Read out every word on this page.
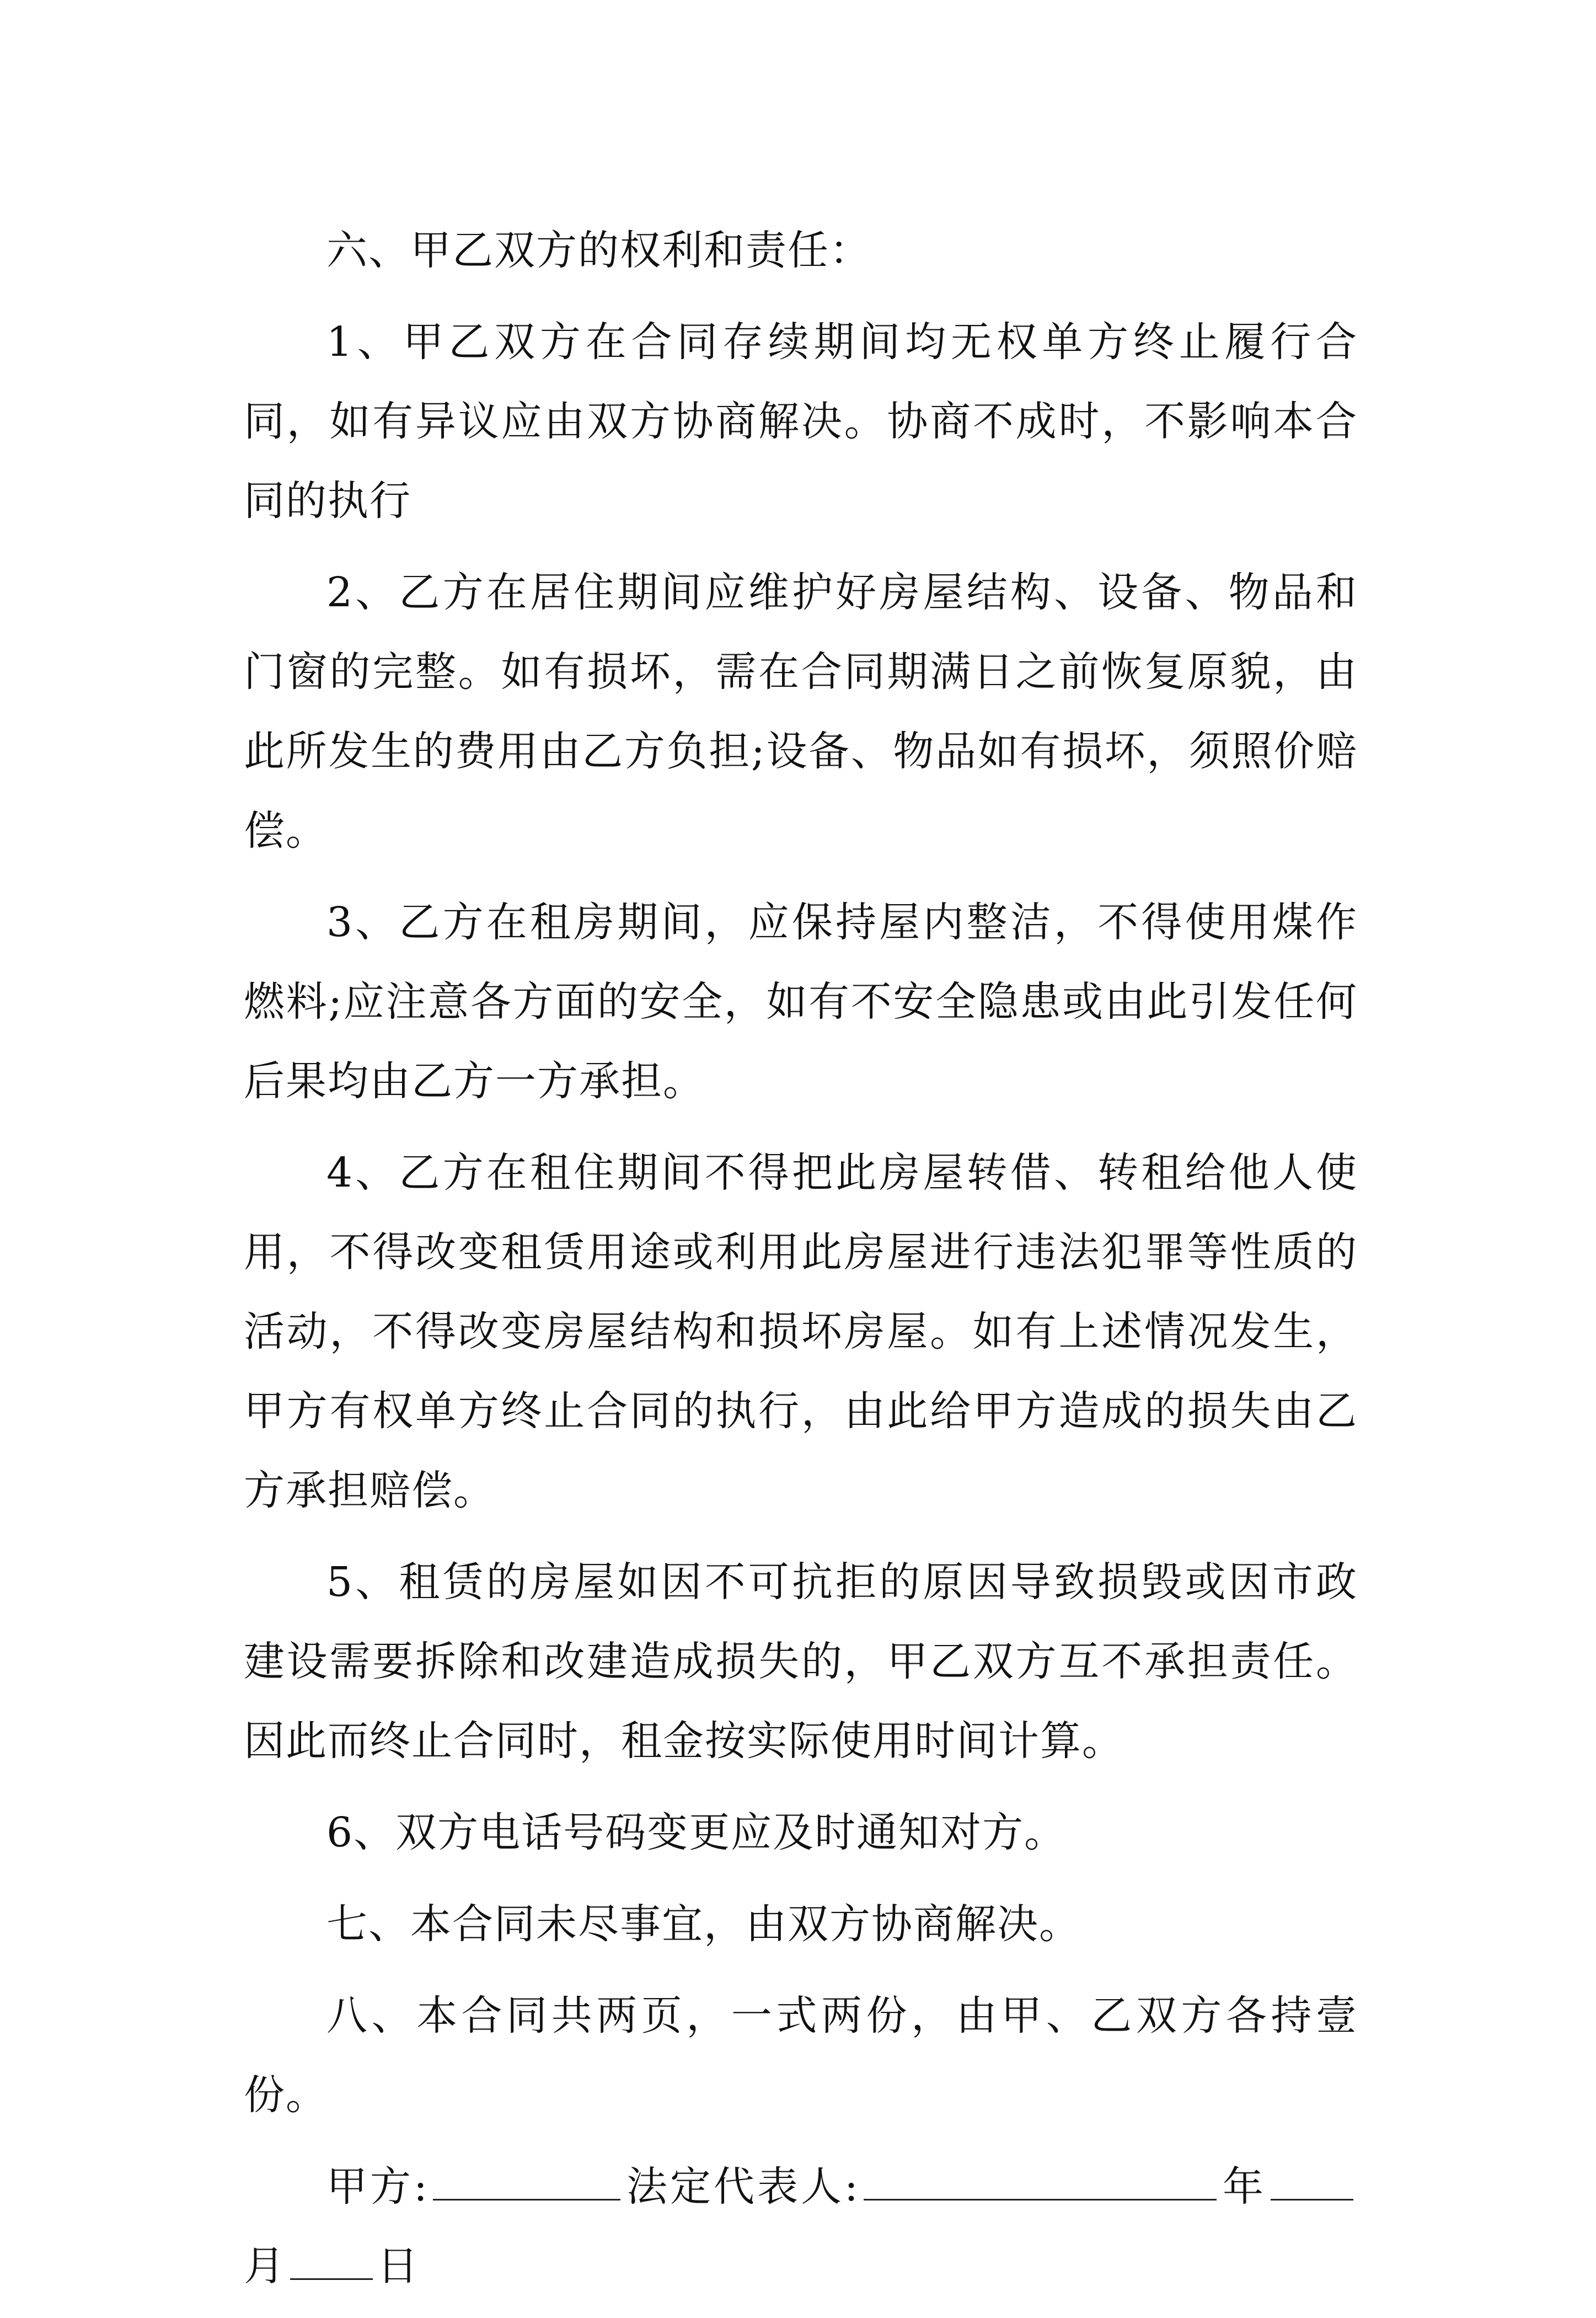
六、甲乙双方的权利和责任：

1、甲乙双方在合同存续期间均无权单方终止履行合同，如有异议应由双方协商解决。协商不成时，不影响本合同的执行

2、乙方在居住期间应维护好房屋结构、设备、物品和门窗的完整。如有损坏，需在合同期满日之前恢复原貌，由此所发生的费用由乙方负担;设备、物品如有损坏，须照价赔偿。

3、乙方在租房期间，应保持屋内整洁，不得使用煤作燃料;应注意各方面的安全，如有不安全隐患或由此引发任何后果均由乙方一方承担。

4、乙方在租住期间不得把此房屋转借、转租给他人使用，不得改变租赁用途或利用此房屋进行违法犯罪等性质的活动，不得改变房屋结构和损坏房屋。如有上述情况发生，甲方有权单方终止合同的执行，由此给甲方造成的损失由乙方承担赔偿。

5、租赁的房屋如因不可抗拒的原因导致损毁或因市政建设需要拆除和改建造成损失的，甲乙双方互不承担责任。因此而终止合同时，租金按实际使用时间计算。

6、双方电话号码变更应及时通知对方。

七、本合同未尽事宜，由双方协商解决。

八、本合同共两页，一式两份，由甲、乙双方各持壹份。

甲方:	法定代表人:	年月 日
